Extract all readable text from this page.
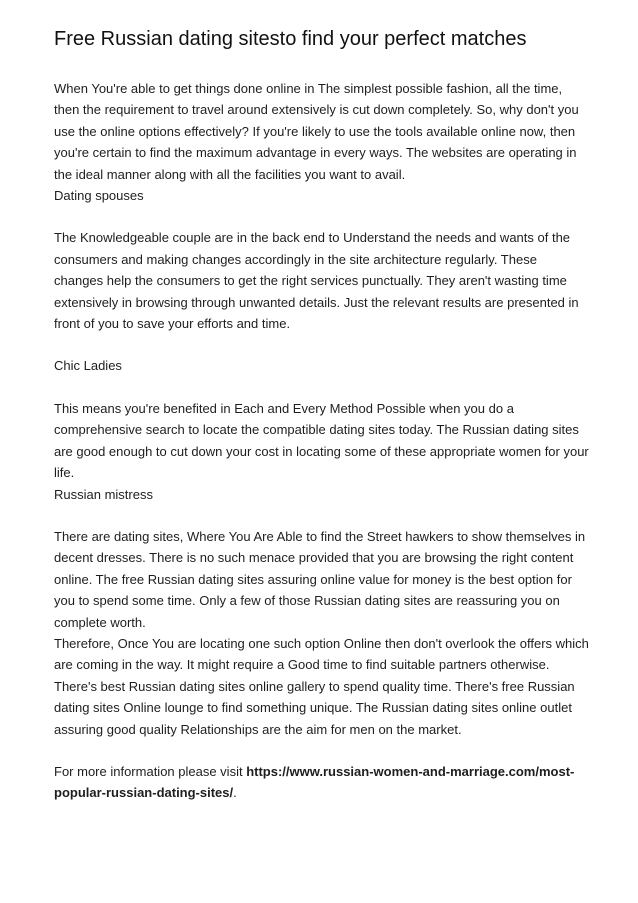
Free Russian dating sitesto find your perfect matches

When You're able to get things done online in The simplest possible fashion, all the time, then the requirement to travel around extensively is cut down completely. So, why don't you use the online options effectively? If you're likely to use the tools available online now, then you're certain to find the maximum advantage in every ways. The websites are operating in the ideal manner along with all the facilities you want to avail.

Dating spouses

The Knowledgeable couple are in the back end to Understand the needs and wants of the consumers and making changes accordingly in the site architecture regularly. These changes help the consumers to get the right services punctually. They aren't wasting time extensively in browsing through unwanted details. Just the relevant results are presented in front of you to save your efforts and time.

Chic Ladies

This means you're benefited in Each and Every Method Possible when you do a comprehensive search to locate the compatible dating sites today. The Russian dating sites are good enough to cut down your cost in locating some of these appropriate women for your life.

Russian mistress

There are dating sites, Where You Are Able to find the Street hawkers to show themselves in decent dresses. There is no such menace provided that you are browsing the right content online. The free Russian dating sites assuring online value for money is the best option for you to spend some time. Only a few of those Russian dating sites are reassuring you on complete worth.

Therefore, Once You are locating one such option Online then don't overlook the offers which are coming in the way. It might require a Good time to find suitable partners otherwise. There's best Russian dating sites online gallery to spend quality time. There's free Russian dating sites Online lounge to find something unique. The Russian dating sites online outlet assuring good quality Relationships are the aim for men on the market.

For more information please visit https://www.russian-women-and-marriage.com/most-popular-russian-dating-sites/.
